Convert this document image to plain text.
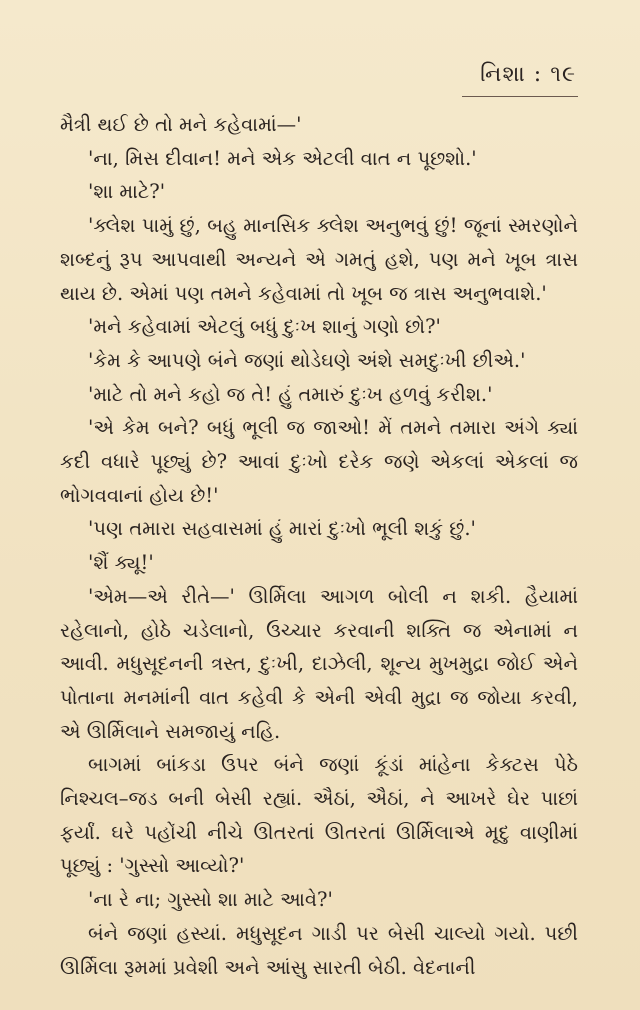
નિશા : ૧૯

મૈત્રી થઈ છે તો મને કહેવામાં—'

'ના, મિસ દીવાન! મને એક એટલી વાત ન પૂછશો.'

'શા માટે?'

'ક્લેશ પામું છું, બહુ માનસિક ક્લેશ અનુભવું છું! જૂનાં સ્મરણોને શબ્દનું રૂપ આપવાથી અન્યને એ ગમતું હશે, પણ મને ખૂબ ત્રાસ થાય છે. એમાં પણ તમને કહેવામાં તો ખૂબ જ ત્રાસ અનુભવાશે.'

'મને કહેવામાં એટલું બધું દુઃખ શાનું ગણો છો?'

'કેમ કે આપણે બંને જણાં થોડેઘણે અંશે સમદુઃખી છીએ.'

'માટે તો મને કહો જ તે! હું તમારું દુઃખ હળવું કરીશ.'

'એ કેમ બને? બધું ભૂલી જ જાઓ! મેં તમને તમારા અંગે ક્યાં કદી વધારે પૂછ્યું છે? આવાં દુઃખો દરેક જણે એકલાં એકલાં જ ભોગવવાનાં હોય છે!'

'પણ તમારા સહવાસમાં હું મારાં દુઃખો ભૂલી શકું છું.'

'શૈં ક્યૂ!'

'એમ—એ રીતે—' ઊર્મિલા આગળ બોલી ન શકી. હૈયામાં રહેલાનો, હોઠે ચડેલાનો, ઉચ્ચાર કરવાની શક્તિ જ એનામાં ન આવી. મધુસૂદનની ત્રસ્ત, દુઃખી, દાઝેલી, શૂન્ય મુખમુદ્રા જોઈ એને પોતાના મનમાંની વાત કહેવી કે એની એવી મુદ્રા જ જોયા કરવી, એ ઊર્મિલાને સમજાયું નહિ.

બાગમાં બાંકડા ઉપર બંને જણાં કૂંડાં માંહેના કેક્ટસ પેઠે નિશ્ચલ–જડ બની બેસી રહ્યાં. ઐઠાં, ઐઠાં, ને આખરે ઘેર પાછાં ફર્યાં. ઘરે પહોંચી નીચે ઊતરતાં ઊતરતાં ઊર્મિલાએ મૃદુ વાણીમાં પૂછ્યું : 'ગુસ્સો આવ્યો?'

'ના રે ના; ગુસ્સો શા માટે આવે?'

બંને જણાં હસ્યાં. મધુસૂદન ગાડી પર બેસી ચાલ્યો ગયો. પછી ઊર્મિલા રૂમમાં પ્રવેશી અને આંસુ સારતી બેઠી. વેદનાની
